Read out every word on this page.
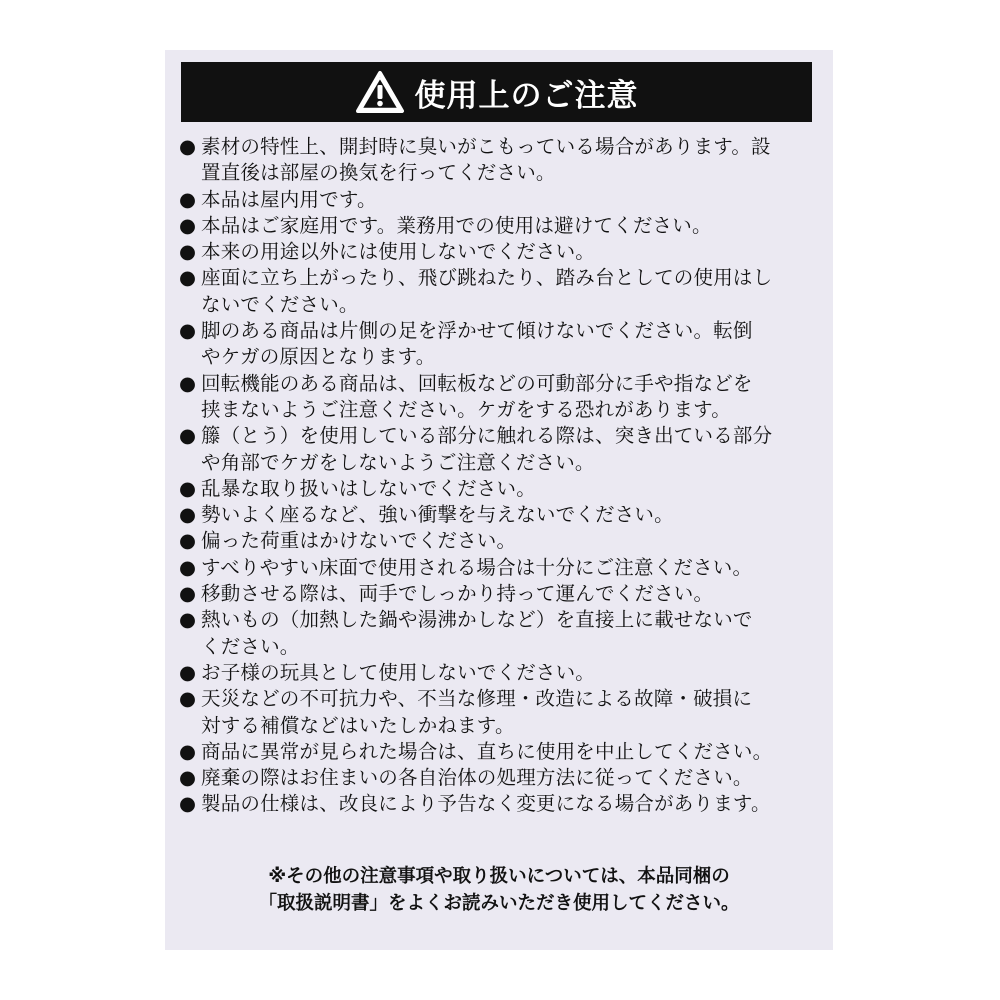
使用上のご注意
● 素材の特性上、開封時に臭いがこもっている場合があります。設
置直後は部屋の換気を行ってください。
● 本品は屋内用です。
● 本品はご家庭用です。業務用での使用は避けてください。
● 本来の用途以外には使用しないでください。
● 座面に立ち上がったり、飛び跳ねたり、踏み台としての使用はし
ないでください。
● 脚のある商品は片側の足を浮かせて傾けないでください。転倒
やケガの原因となります。
● 回転機能のある商品は、回転板などの可動部分に手や指などを
挟まないようご注意ください。ケガをする恐れがあります。
● 籐（とう）を使用している部分に触れる際は、突き出ている部分
や角部でケガをしないようご注意ください。
● 乱暴な取り扱いはしないでください。
● 勢いよく座るなど、強い衝撃を与えないでください。
● 偏った荷重はかけないでください。
● すべりやすい床面で使用される場合は十分にご注意ください。
● 移動させる際は、両手でしっかり持って運んでください。
● 熱いもの（加熱した鍋や湯沸かしなど）を直接上に載せないで
ください。
● お子様の玩具として使用しないでください。
● 天災などの不可抗力や、不当な修理・改造による故障・破損に
対する補償などはいたしかねます。
● 商品に異常が見られた場合は、直ちに使用を中止してください。
● 廃棄の際はお住まいの各自治体の処理方法に従ってください。
● 製品の仕様は、改良により予告なく変更になる場合があります。
※その他の注意事項や取り扱いについては、本品同梱の
「取扱説明書」をよくお読みいただき使用してください。
